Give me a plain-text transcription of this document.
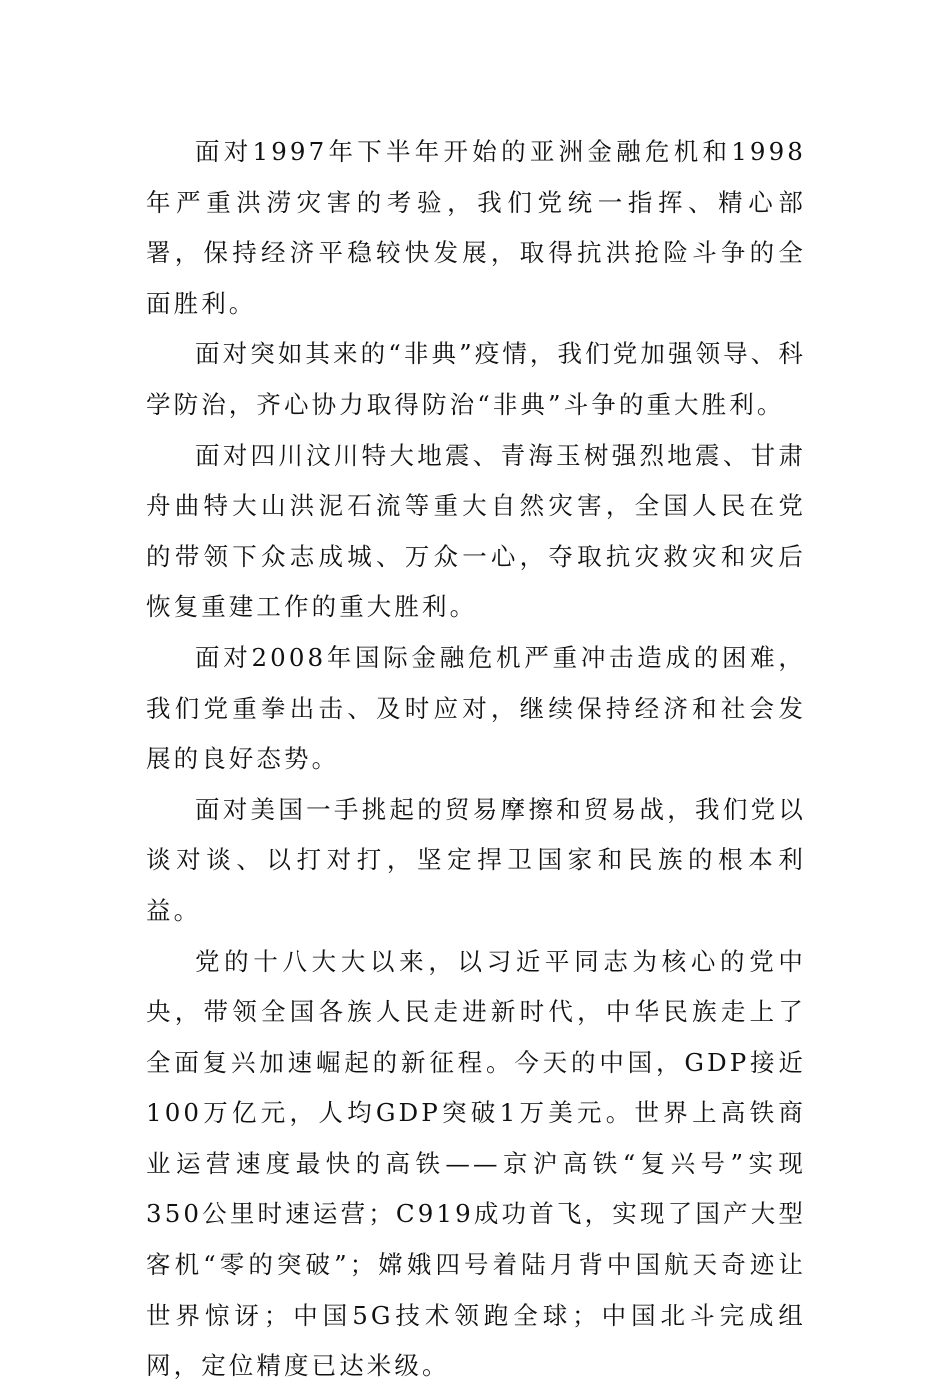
面对1997年下半年开始的亚洲金融危机和1998年严重洪涝灾害的考验，我们党统一指挥、精心部署，保持经济平稳较快发展，取得抗洪抢险斗争的全面胜利。

面对突如其来的“非典”疫情，我们党加强领导、科学防治，齐心协力取得防治“非典”斗争的重大胜利。

面对四川汶川特大地震、青海玉树强烈地震、甘肃舟曲特大山洪泥石流等重大自然灾害，全国人民在党的带领下众志成城、万众一心，夺取抗灾救灾和灾后恢复重建工作的重大胜利。

面对2008年国际金融危机严重冲击造成的困难，我们党重拳出击、及时应对，继续保持经济和社会发展的良好态势。

面对美国一手挑起的贸易摩擦和贸易战，我们党以谈对谈、以打对打，坚定捍卫国家和民族的根本利益。

党的十八大大以来，以习近平同志为核心的党中央，带领全国各族人民走进新时代，中华民族走上了全面复兴加速崛起的新征程。今天的中国，GDP接近100万亿元，人均GDP突破1万美元。世界上高铁商业运营速度最快的高铁——京沪高铁“复兴号”实现350公里时速运营；C919成功首飞，实现了国产大型客机“零的突破”；嫦娥四号着陆月背中国航天奇迹让世界惊讶；中国5G技术领跑全球；中国北斗完成组网，定位精度已达米级。
